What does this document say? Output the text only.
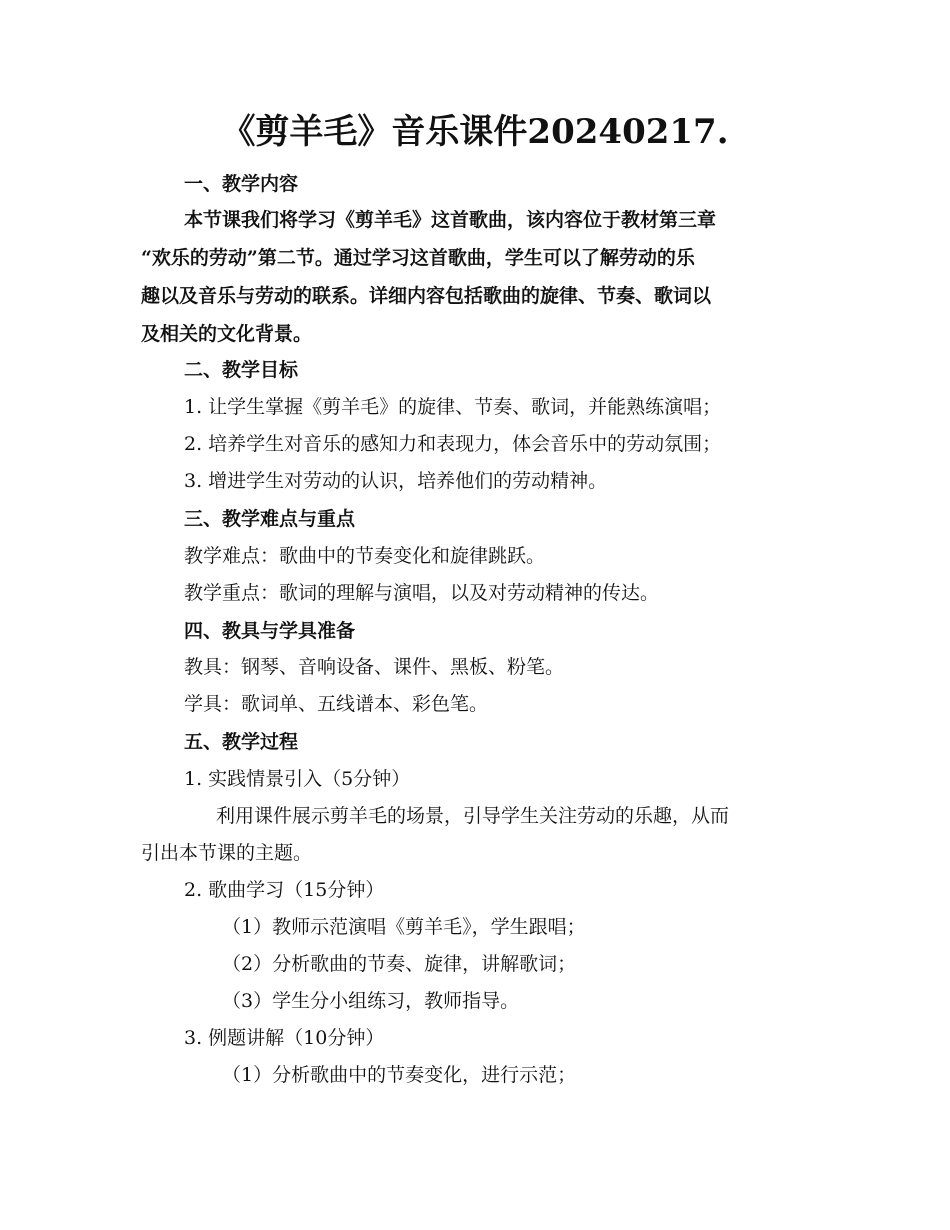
《剪羊毛》音乐课件20240217.
一、教学内容
本节课我们将学习《剪羊毛》这首歌曲，该内容位于教材第三章
“欢乐的劳动”第二节。通过学习这首歌曲，学生可以了解劳动的乐
趣以及音乐与劳动的联系。详细内容包括歌曲的旋律、节奏、歌词以
及相关的文化背景。
二、教学目标
1. 让学生掌握《剪羊毛》的旋律、节奏、歌词，并能熟练演唱；
2. 培养学生对音乐的感知力和表现力，体会音乐中的劳动氛围；
3. 增进学生对劳动的认识，培养他们的劳动精神。
三、教学难点与重点
教学难点：歌曲中的节奏变化和旋律跳跃。
教学重点：歌词的理解与演唱，以及对劳动精神的传达。
四、教具与学具准备
教具：钢琴、音响设备、课件、黑板、粉笔。
学具：歌词单、五线谱本、彩色笔。
五、教学过程
1. 实践情景引入（5分钟）
利用课件展示剪羊毛的场景，引导学生关注劳动的乐趣，从而
引出本节课的主题。
2. 歌曲学习（15分钟）
（1）教师示范演唱《剪羊毛》，学生跟唱；
（2）分析歌曲的节奏、旋律，讲解歌词；
（3）学生分小组练习，教师指导。
3. 例题讲解（10分钟）
（1）分析歌曲中的节奏变化，进行示范；
